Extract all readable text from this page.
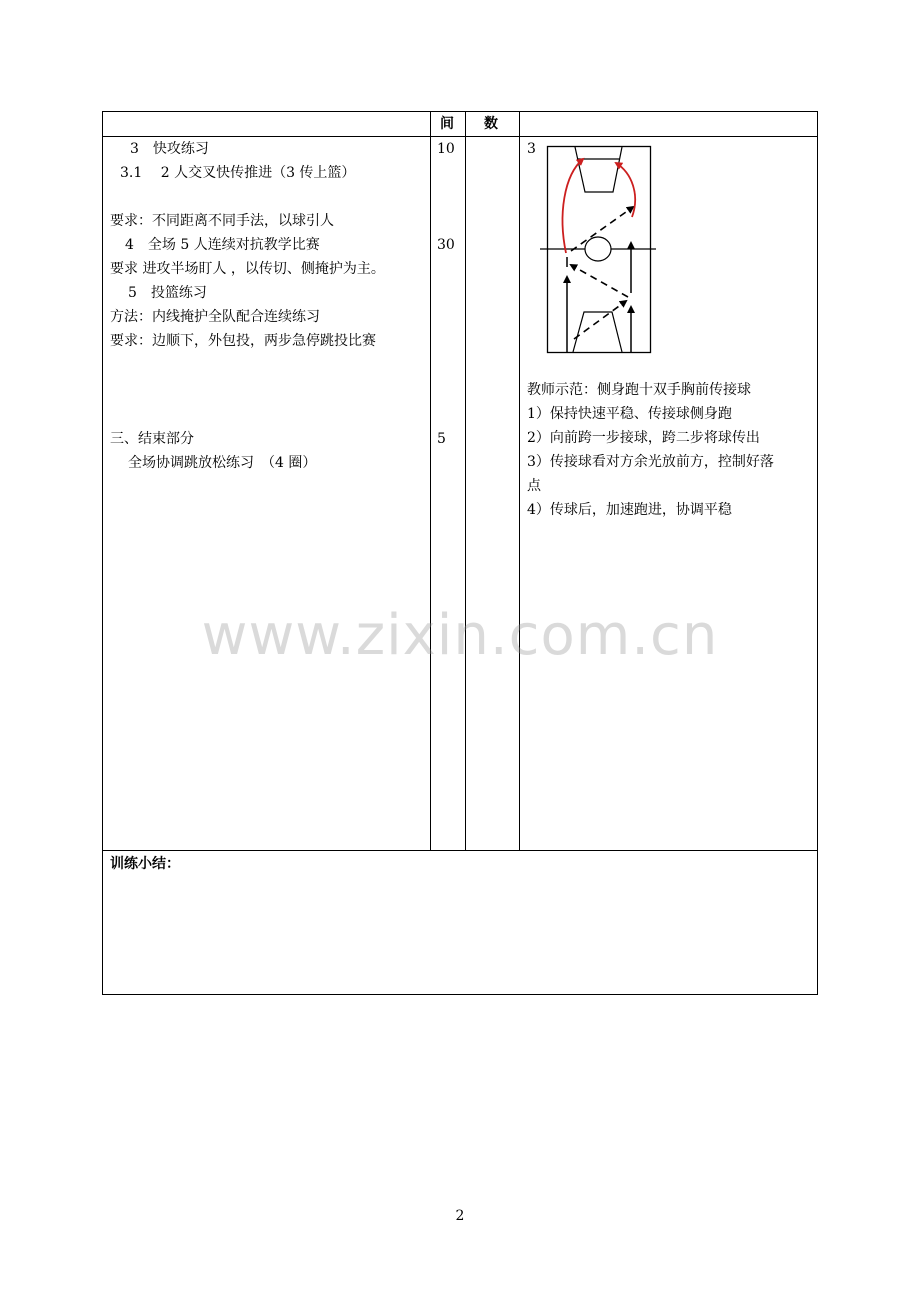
间 数
3　快攻练习
3.1　 2 人交叉快传推进（3 传上篮）
要求：不同距离不同手法，以球引人
4　全场 5 人连续对抗教学比赛
要求 进攻半场盯人 ，以传切、侧掩护为主。
5　投篮练习
方法：内线掩护全队配合连续练习
要求：边顺下，外包投，两步急停跳投比赛
三、结束部分
全场协调跳放松练习　（4 圈）
10
30
5
3
教师示范：侧身跑十双手胸前传接球
1）保持快速平稳、传接球侧身跑
2）向前跨一步接球，跨二步将球传出
3）传接球看对方余光放前方，控制好落
点
4）传球后，加速跑进，协调平稳
训练小结：
www.zixin.com.cn
2
